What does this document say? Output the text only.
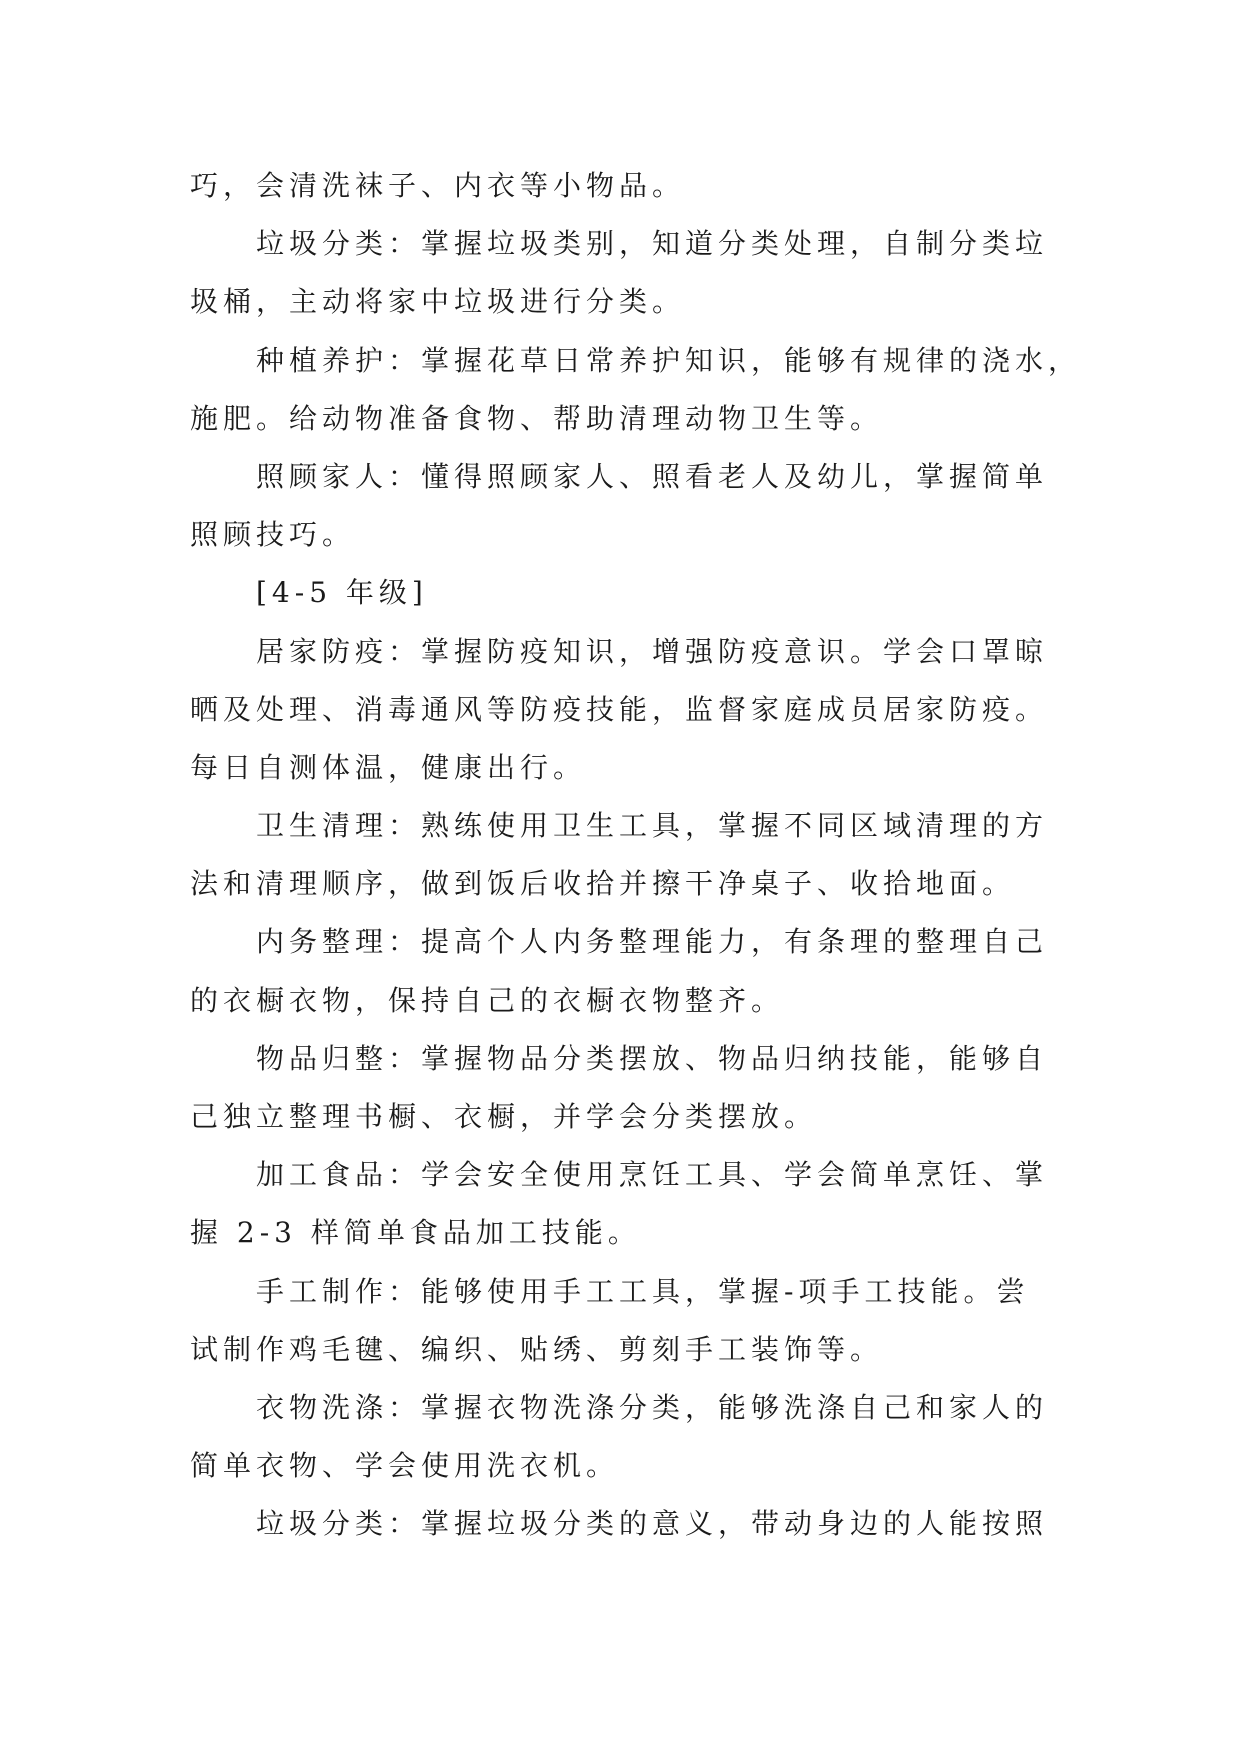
巧，会清洗袜子、内衣等小物品。
垃圾分类：掌握垃圾类别，知道分类处理，自制分类垃
圾桶，主动将家中垃圾进行分类。
种植养护：掌握花草日常养护知识，能够有规律的浇水，
施肥。给动物准备食物、帮助清理动物卫生等。
照顾家人：懂得照顾家人、照看老人及幼儿，掌握简单
照顾技巧。
[4-5 年级]
居家防疫：掌握防疫知识，增强防疫意识。学会口罩晾
晒及处理、消毒通风等防疫技能，监督家庭成员居家防疫。
每日自测体温，健康出行。
卫生清理：熟练使用卫生工具，掌握不同区域清理的方
法和清理顺序，做到饭后收拾并擦干净桌子、收拾地面。
内务整理：提高个人内务整理能力，有条理的整理自己
的衣橱衣物，保持自己的衣橱衣物整齐。
物品归整：掌握物品分类摆放、物品归纳技能，能够自
己独立整理书橱、衣橱，并学会分类摆放。
加工食品：学会安全使用烹饪工具、学会简单烹饪、掌
握 2-3 样简单食品加工技能。
手工制作：能够使用手工工具，掌握-项手工技能。尝
试制作鸡毛毽、编织、贴绣、剪刻手工装饰等。
衣物洗涤：掌握衣物洗涤分类，能够洗涤自己和家人的
简单衣物、学会使用洗衣机。
垃圾分类：掌握垃圾分类的意义，带动身边的人能按照
